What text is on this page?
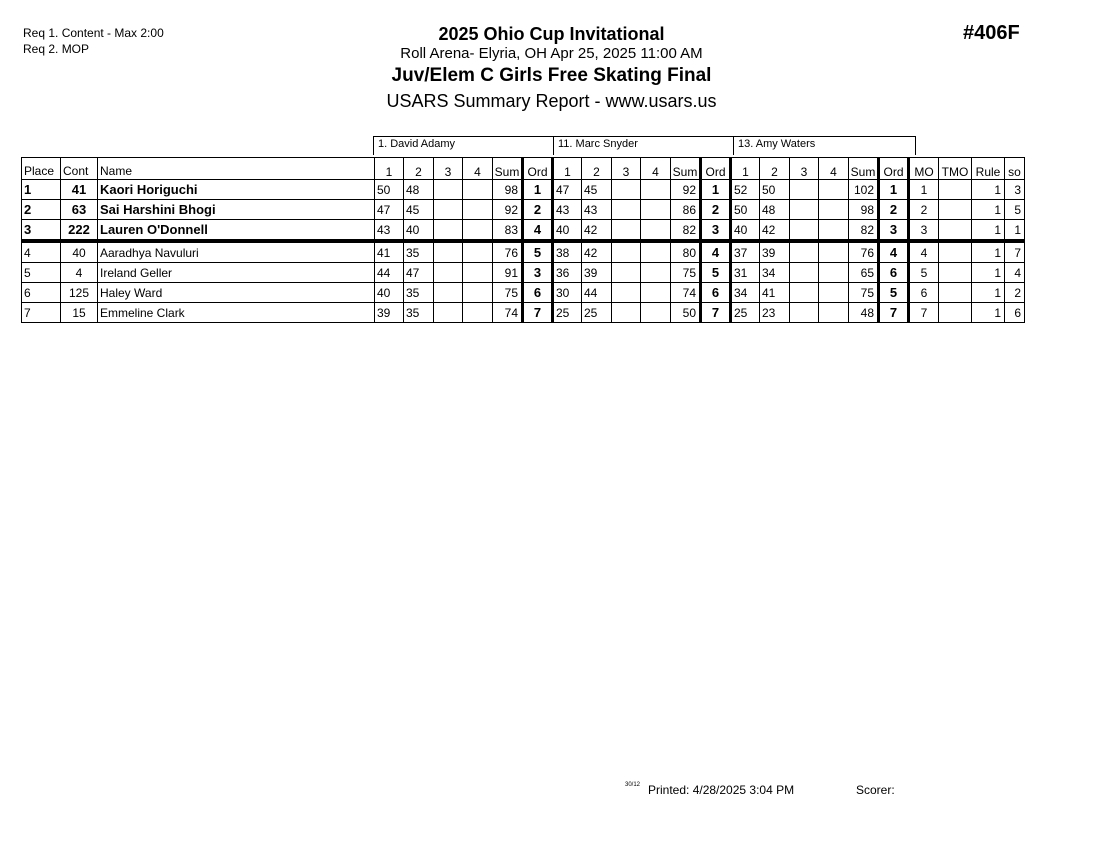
Req 1. Content - Max 2:00
Req 2. MOP
#406F
2025 Ohio Cup Invitational
Roll Arena- Elyria, OH Apr 25, 2025 11:00 AM
Juv/Elem C Girls Free Skating Final
USARS Summary Report - www.usars.us
1. David Adamy	11. Marc Snyder	13. Amy Waters
Place	Cont	Name	1	2	3	4	Sum	Ord	1	2	3	4	Sum	Ord	1	2	3	4	Sum	Ord	MO	TMO	Rule	so
1	41	Kaori Horiguchi	50	48			98	1	47	45			92	1	52	50			102	1	1		1	3
2	63	Sai Harshini Bhogi	47	45			92	2	43	43			86	2	50	48			98	2	2		1	5
3	222	Lauren O'Donnell	43	40			83	4	40	42			82	3	40	42			82	3	3		1	1
4	40	Aaradhya Navuluri	41	35			76	5	38	42			80	4	37	39			76	4	4		1	7
5	4	Ireland Geller	44	47			91	3	36	39			75	5	31	34			65	6	5		1	4
6	125	Haley Ward	40	35			75	6	30	44			74	6	34	41			75	5	6		1	2
7	15	Emmeline Clark	39	35			74	7	25	25			50	7	25	23			48	7	7		1	6
30/12 Printed: 4/28/2025 3:04 PM	Scorer:
